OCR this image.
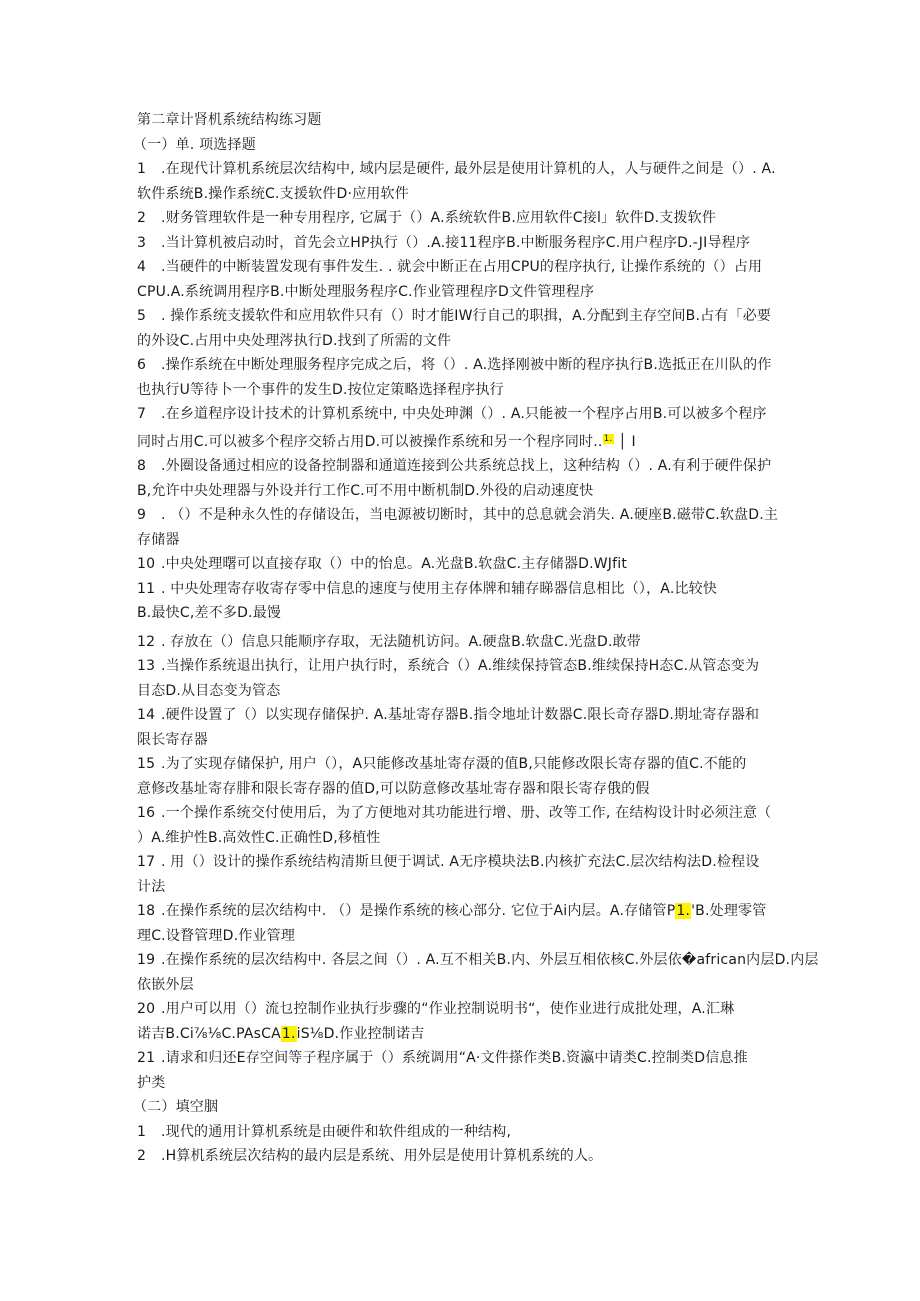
第二章计肾机系统结构练习题
（一）单. 项选择题
1 .在现代计算机系统层次结构中, 域内层是硬件, 最外层是使用计算机的人，人与硬件之间是（）. A.
软件系统B.操作系统C.支援软件D·应用软件
2 .财务管理软件是一种专用程序, 它属于（）A.系统软件B.应用软件C接l」软件D.支拨软件
3 .当计算机被启动时，首先会立HP执行（）.A.接11程序B.中断服务程序C.用户程序D.-JI导程序
4 .当硬件的中断装置发现有事件发生. . 就会中断正在占用CPU的程序执行, 让操作系统的（）占用
CPU.A.系统调用程序B.中断处理服务程序C.作业管理程序D文件管理程序
5 . 操作系统支援软件和应用软件只有（）时才能IW行自己的职揖，A.分配到主存空间B.占有「必要
的外设C.占用中央处理涔执行D.找到了所需的文件
6 .操作系统在中断处理服务程序完成之后，将（）. A.选择刚被中断的程序执行B.选抵正在川队的作
也执行U等待卜一个事件的发生D.按位定策略选择程序执行
7 .在乡道程序设计技术的计算机系统中, 中央处珅渊（）. A.只能被一个程序占用B.可以被多个程序
同时占用C.可以被多个程序交轿占用D.可以被操作系统和另一个程序同时..$^{1.}$ │ I
8 .外圈设备通过相应的设备控制器和通道连接到公共系统总找上，这种结构（）. A.有利于硬件保护
B,允许中央处理器与外设并行工作C.可不用中断机制D.外役的启动速度快
9 . （）不是种永久性的存储设缶，当电源被切断时，其中的总息就会消失. A.硬座B.磁带C.软盘D.主
存储器
10 .中央处理曙可以直接存取（）中的怡息。A.光盘B.软盘C.主存储器D.WJfit
11 . 中央处理寄存收寄存零中信息的速度与使用主存体牌和辅存睇器信息相比（），A.比较快
B.最快C,差不多D.最馒
12 . 存放在（）信息只能顺序存取，无法随机访问。A.硬盘B.软盘C.光盘D.敢带
13 .当操作系统退出执行，让用户执行时，系统合（）A.维续保持管态B.维续保持H态C.从管态变为
目态D.从目态变为管态
14 .硬件设置了（）以实现存储保护. A.基址寄存器B.指令地址计数器C.限长奇存器D.期址寄存器和
限长寄存器
15 .为了实现存储保护, 用户（），A只能修改基址寄存滠的值B,只能修改限长寄存器的值C.不能的
意修改基址寄存腓和限长寄存器的值D,可以防意修改基址寄存器和限长寄存俄的假
16 .一个操作系统交付使用后，为了方便地对其功能进行增、册、改等工作, 在结构设计时必须注意（
）A.维护性B.高效性C.正确性D,移植性
17 . 用（）设计的操作系统结构清斯旦便于调试. A无序模块法B.内核扩充法C.层次结构法D.检程设
计法
18 .在操作系统的层次结构中. （）是操作系统的核心部分. 它位于Ai内层。A.存储管P1.'B.处理零管
理C.设瞀管理D.作业管理
19 .在操作系统的层次结构中. 各层之间（）. A.互不相关B.内、外层互相依核C.外层依�african内层D.内层
依嵌外层
20 .用户可以用（）流乜控制作业执行步骤的“作业控制说明书“，使作业进行成批处理，A.汇琳
诺吉B.Ci⅞⅛C.PAsCA1.iS⅛D.作业控制诺吉
21 .请求和归还E存空间等子程序属于（）系统调用“A·文件搽作类B.资瀛中请类C.控制类D信息推
护类
（二）填空胭
1 .现代的通用计算机系统是由硬件和软件组成的一种结构,
2 .H算机系统层次结构的最内层是系统、用外层是使用计算机系统的人。
